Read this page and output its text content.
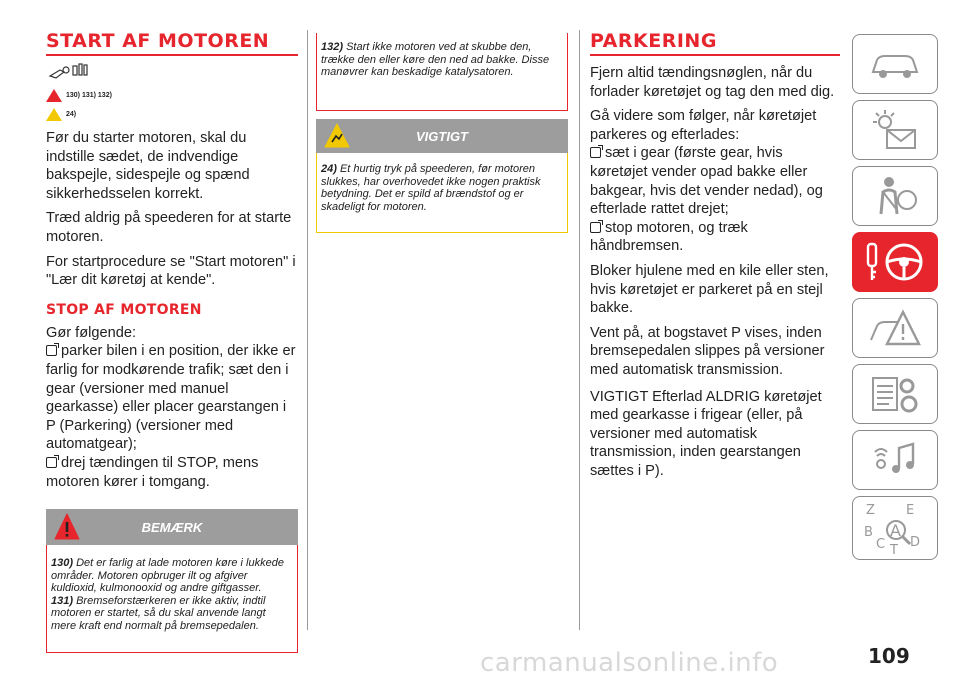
START AF MOTOREN
130) 131) 132)
24)
Før du starter motoren, skal du indstille sædet, de indvendige bakspejle, sidespejle og spænd sikkerhedsselen korrekt.
Træd aldrig på speederen for at starte motoren.
For startprocedure se "Start motoren" i "Lær dit køretøj at kende".
STOP AF MOTOREN
Gør følgende:
parker bilen i en position, der ikke er farlig for modkørende trafik; sæt den i gear (versioner med manuel gearkasse) eller placer gearstangen i P (Parkering) (versioner med automatgear);
drej tændingen til STOP, mens motoren kører i tomgang.
BEMÆRK
130) Det er farlig at lade motoren køre i lukkede områder. Motoren opbruger ilt og afgiver kuldioxid, kulmonooxid og andre giftgasser.
131) Bremseforstærkeren er ikke aktiv, indtil motoren er startet, så du skal anvende langt mere kraft end normalt på bremsepedalen.
132) Start ikke motoren ved at skubbe den, trække den eller køre den ned ad bakke. Disse manøvrer kan beskadige katalysatoren.
VIGTIGT
24) Et hurtig tryk på speederen, før motoren slukkes, har overhovedet ikke nogen praktisk betydning. Det er spild af brændstof og er skadeligt for motoren.
PARKERING
Fjern altid tændingsnøglen, når du forlader køretøjet og tag den med dig.
Gå videre som følger, når køretøjet parkeres og efterlades:
sæt i gear (første gear, hvis køretøjet vender opad bakke eller bakgear, hvis det vender nedad), og efterlade rattet drejet;
stop motoren, og træk håndbremsen.
Bloker hjulene med en kile eller sten, hvis køretøjet er parkeret på en stejl bakke.
Vent på, at bogstavet P vises, inden bremsepedalen slippes på versioner med automatisk transmission.
VIGTIGT Efterlad ALDRIG køretøjet med gearkasse i frigear (eller, på versioner med automatisk transmission, inden gearstangen sættes i P).
Z E
B A
C T
D
carmanualsonline.info	109
